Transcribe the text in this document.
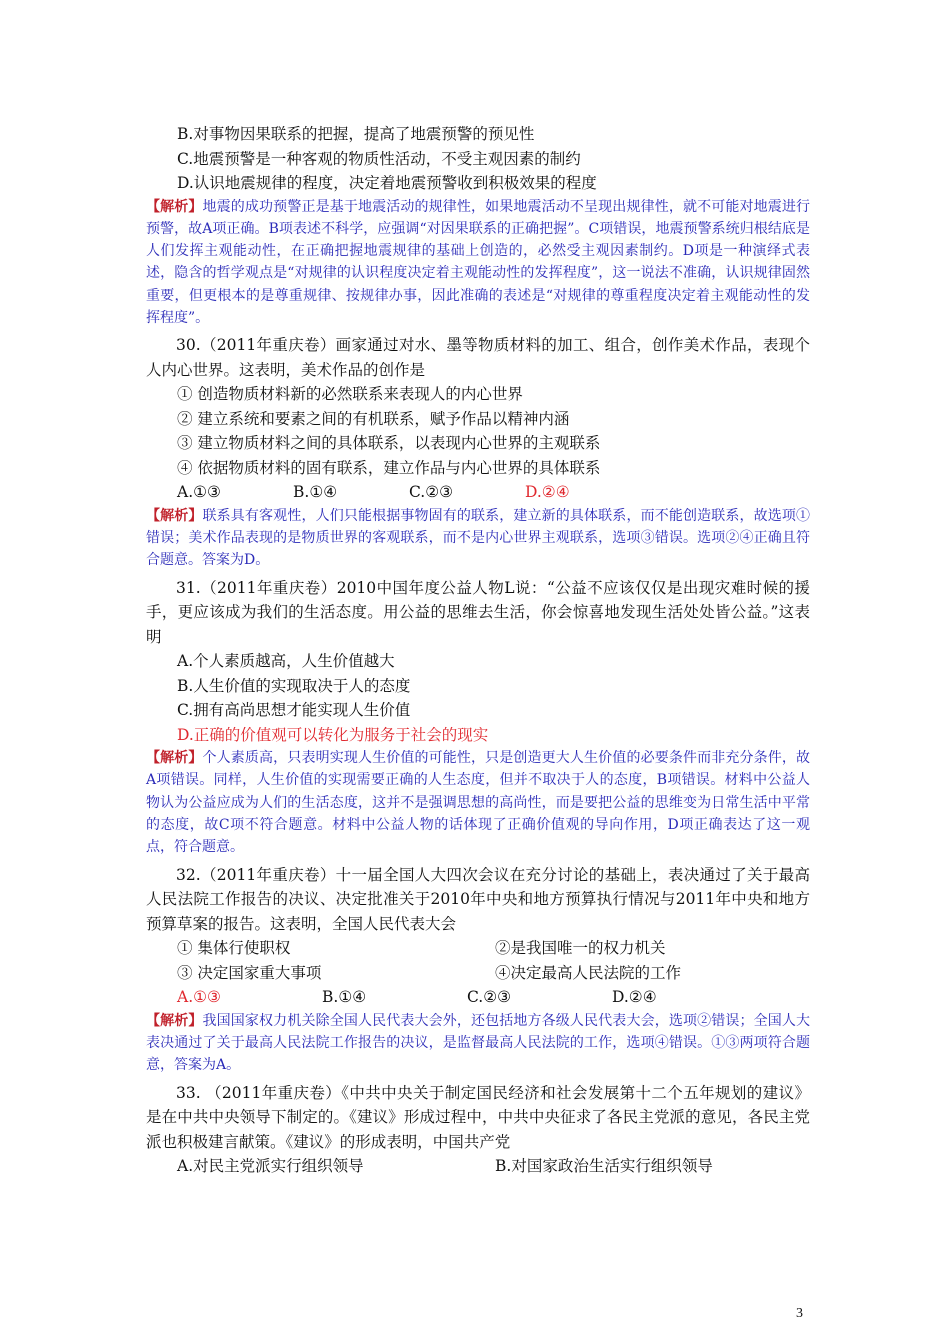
B.对事物因果联系的把握，提高了地震预警的预见性
C.地震预警是一种客观的物质性活动，不受主观因素的制约
D.认识地震规律的程度，决定着地震预警收到积极效果的程度

【解析】地震的成功预警正是基于地震活动的规律性，如果地震活动不呈现出规律性，就不可能对地震进行预警，故A项正确。B项表述不科学，应强调“对因果联系的正确把握”。C项错误，地震预警系统归根结底是人们发挥主观能动性，在正确把握地震规律的基础上创造的，必然受主观因素制约。D项是一种演绎式表述，隐含的哲学观点是“对规律的认识程度决定着主观能动性的发挥程度”，这一说法不准确，认识规律固然重要，但更根本的是尊重规律、按规律办事，因此准确的表述是“对规律的尊重程度决定着主观能动性的发挥程度”。

30.（2011年重庆卷）画家通过对水、墨等物质材料的加工、组合，创作美术作品，表现个人内心世界。这表明，美术作品的创作是
① 创造物质材料新的必然联系来表现人的内心世界
② 建立系统和要素之间的有机联系，赋予作品以精神内涵
③ 建立物质材料之间的具体联系，以表现内心世界的主观联系
④ 依据物质材料的固有联系，建立作品与内心世界的具体联系
A.①③	B.①④	C.②③	D.②④

【解析】联系具有客观性，人们只能根据事物固有的联系，建立新的具体联系，而不能创造联系，故选项①错误；美术作品表现的是物质世界的客观联系，而不是内心世界主观联系，选项③错误。选项②④正确且符合题意。答案为D。

31.（2011年重庆卷）2010中国年度公益人物L说：“公益不应该仅仅是出现灾难时候的援手，更应该成为我们的生活态度。用公益的思维去生活，你会惊喜地发现生活处处皆公益。”这表明
A.个人素质越高，人生价值越大
B.人生价值的实现取决于人的态度
C.拥有高尚思想才能实现人生价值
D.正确的价值观可以转化为服务于社会的现实

【解析】个人素质高，只表明实现人生价值的可能性，只是创造更大人生价值的必要条件而非充分条件，故A项错误。同样，人生价值的实现需要正确的人生态度，但并不取决于人的态度，B项错误。材料中公益人物认为公益应成为人们的生活态度，这并不是强调思想的高尚性，而是要把公益的思维变为日常生活中平常的态度，故C项不符合题意。材料中公益人物的话体现了正确价值观的导向作用，D项正确表达了这一观点，符合题意。

32.（2011年重庆卷）十一届全国人大四次会议在充分讨论的基础上，表决通过了关于最高人民法院工作报告的决议、决定批准关于2010年中央和地方预算执行情况与2011年中央和地方预算草案的报告。这表明，全国人民代表大会
① 集体行使职权	②是我国唯一的权力机关
③ 决定国家重大事项	④决定最高人民法院的工作
A.①③	B.①④	C.②③	D.②④

【解析】我国国家权力机关除全国人民代表大会外，还包括地方各级人民代表大会，选项②错误；全国人大表决通过了关于最高人民法院工作报告的决议，是监督最高人民法院的工作，选项④错误。①③两项符合题意，答案为A。

33. （2011年重庆卷）《中共中央关于制定国民经济和社会发展第十二个五年规划的建议》是在中共中央领导下制定的。《建议》形成过程中，中共中央征求了各民主党派的意见，各民主党派也积极建言献策。《建议》的形成表明，中国共产党
A.对民主党派实行组织领导	B.对国家政治生活实行组织领导
3
